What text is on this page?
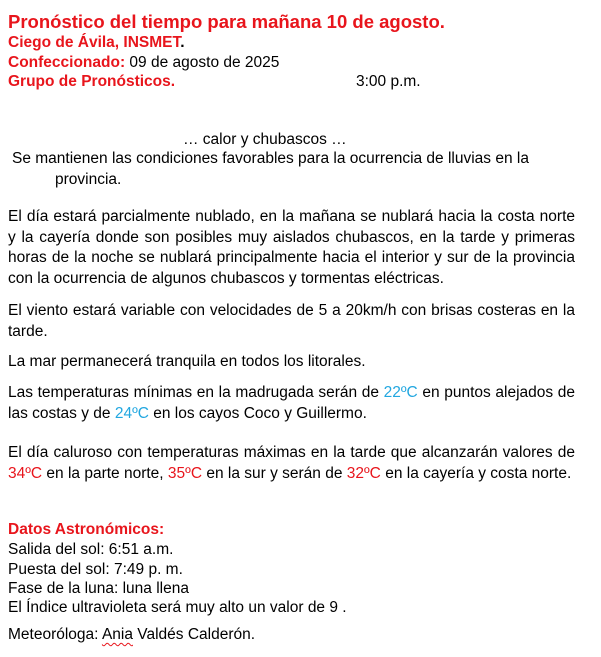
Pronóstico del tiempo para mañana 10 de agosto.
Ciego de Ávila, INSMET.
Confeccionado: 09 de agosto de 2025
Grupo de Pronósticos.	3:00 p.m.
… calor y chubascos …
Se mantienen las condiciones favorables para la ocurrencia de lluvias en la
provincia.
El día estará parcialmente nublado, en la mañana se nublará hacia la costa norte y la cayería donde son posibles muy aislados chubascos, en la tarde y primeras horas de la noche se nublará principalmente hacia el interior y sur de la provincia con la ocurrencia de algunos chubascos y tormentas eléctricas.
El viento estará variable con velocidades de 5 a 20km/h con brisas costeras en la tarde.
La mar permanecerá tranquila en todos los litorales.
Las temperaturas mínimas en la madrugada serán de 22ºC en puntos alejados de las costas y de 24ºC en los cayos Coco y Guillermo.
El día caluroso con temperaturas máximas en la tarde que alcanzarán valores de 34ºC en la parte norte, 35ºC en la sur y serán de 32ºC en la cayería y costa norte.
Datos Astronómicos:
Salida del sol: 6:51 a.m.
Puesta del sol: 7:49 p. m.
Fase de la luna: luna llena
El Índice ultravioleta será muy alto un valor de 9 .
Meteoróloga: Ania Valdés Calderón.
